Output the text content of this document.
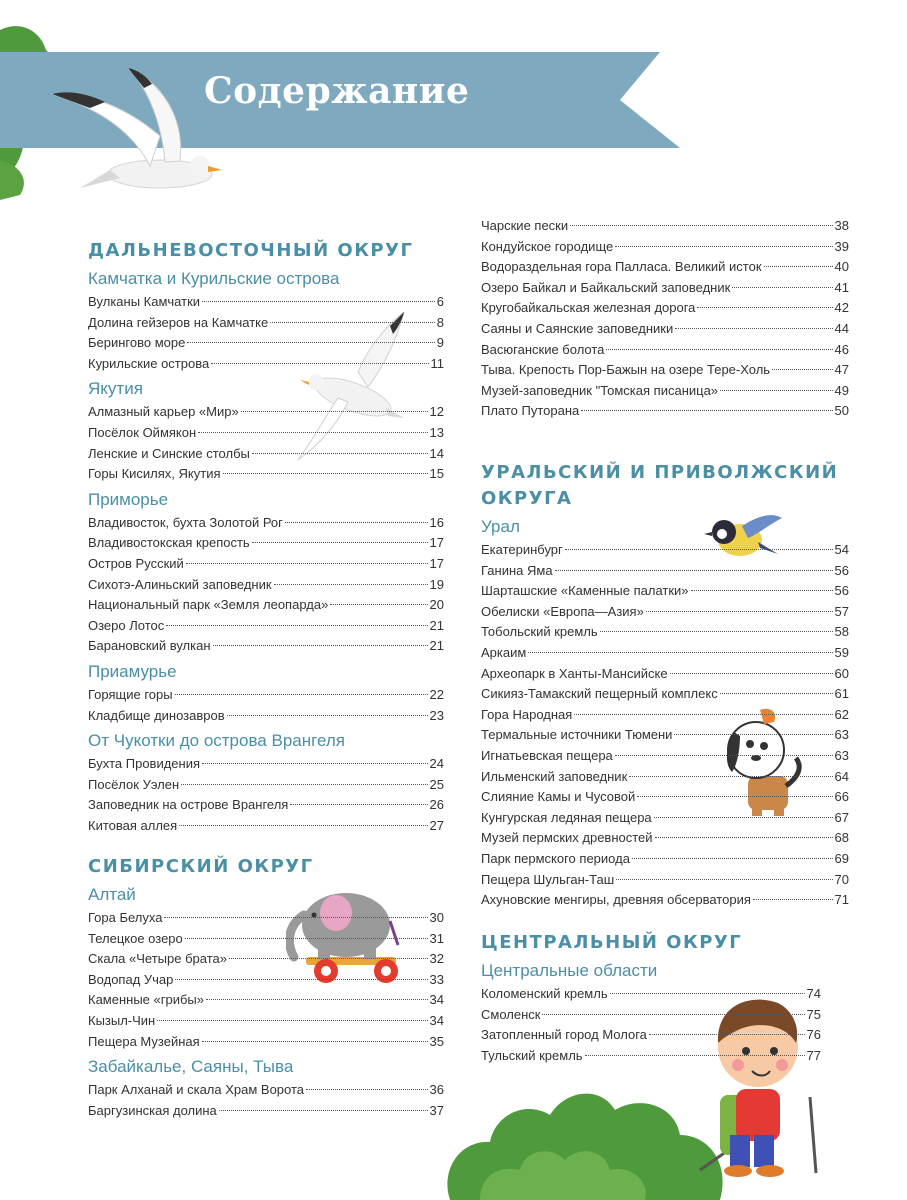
Содержание
ДАЛЬНЕВОСТОЧНЫЙ ОКРУГ
Камчатка и Курильские острова
Вулканы Камчатки	6
Долина гейзеров на Камчатке	8
Берингово море	9
Курильские острова	11
Якутия
Алмазный карьер «Мир»	12
Посёлок Оймякон	13
Ленские и Синские столбы	14
Горы Кисилях, Якутия	15
Приморье
Владивосток, бухта Золотой Рог	16
Владивостокская крепость	17
Остров Русский	17
Сихотэ-Алиньский заповедник	19
Национальный парк «Земля леопарда»	20
Озеро Лотос	21
Барановский вулкан	21
Приамурье
Горящие горы	22
Кладбище динозавров	23
От Чукотки до острова Врангеля
Бухта Провидения	24
Посёлок Уэлен	25
Заповедник на острове Врангеля	26
Китовая аллея	27
СИБИРСКИЙ ОКРУГ
Алтай
Гора Белуха	30
Телецкое озеро	31
Скала «Четыре брата»	32
Водопад Учар	33
Каменные «грибы»	34
Кызыл-Чин	34
Пещера Музейная	35
Забайкалье, Саяны, Тыва
Парк Алханай и скала Храм Ворота	36
Баргузинская долина	37
Чарские пески	38
Кондуйское городище	39
Водораздельная гора Палласа. Великий исток	40
Озеро Байкал и Байкальский заповедник	41
Кругобайкальская железная дорога	42
Саяны и Саянские заповедники	44
Васюганские болота	46
Тыва. Крепость Пор-Бажын на озере Тере-Холь	47
Музей-заповедник "Томская писаница»	49
Плато Путорана	50
УРАЛЬСКИЙ И ПРИВОЛЖСКИЙ
ОКРУГА
Урал
Екатеринбург	54
Ганина Яма	56
Шарташские «Каменные палатки»	56
Обелиски «Европа—Азия»	57
Тобольский кремль	58
Аркаим	59
Археопарк в Ханты-Мансийске	60
Сикияз-Тамакский пещерный комплекс	61
Гора Народная	62
Термальные источники Тюмени	63
Игнатьевская пещера	63
Ильменский заповедник	64
Слияние Камы и Чусовой	66
Кунгурская ледяная пещера	67
Музей пермских древностей	68
Парк пермского периода	69
Пещера Шульган-Таш	70
Ахуновские менгиры, древняя обсерватория	71
ЦЕНТРАЛЬНЫЙ ОКРУГ
Центральные области
Коломенский кремль	74
Смоленск	75
Затопленный город Молога	76
Тульский кремль	77
